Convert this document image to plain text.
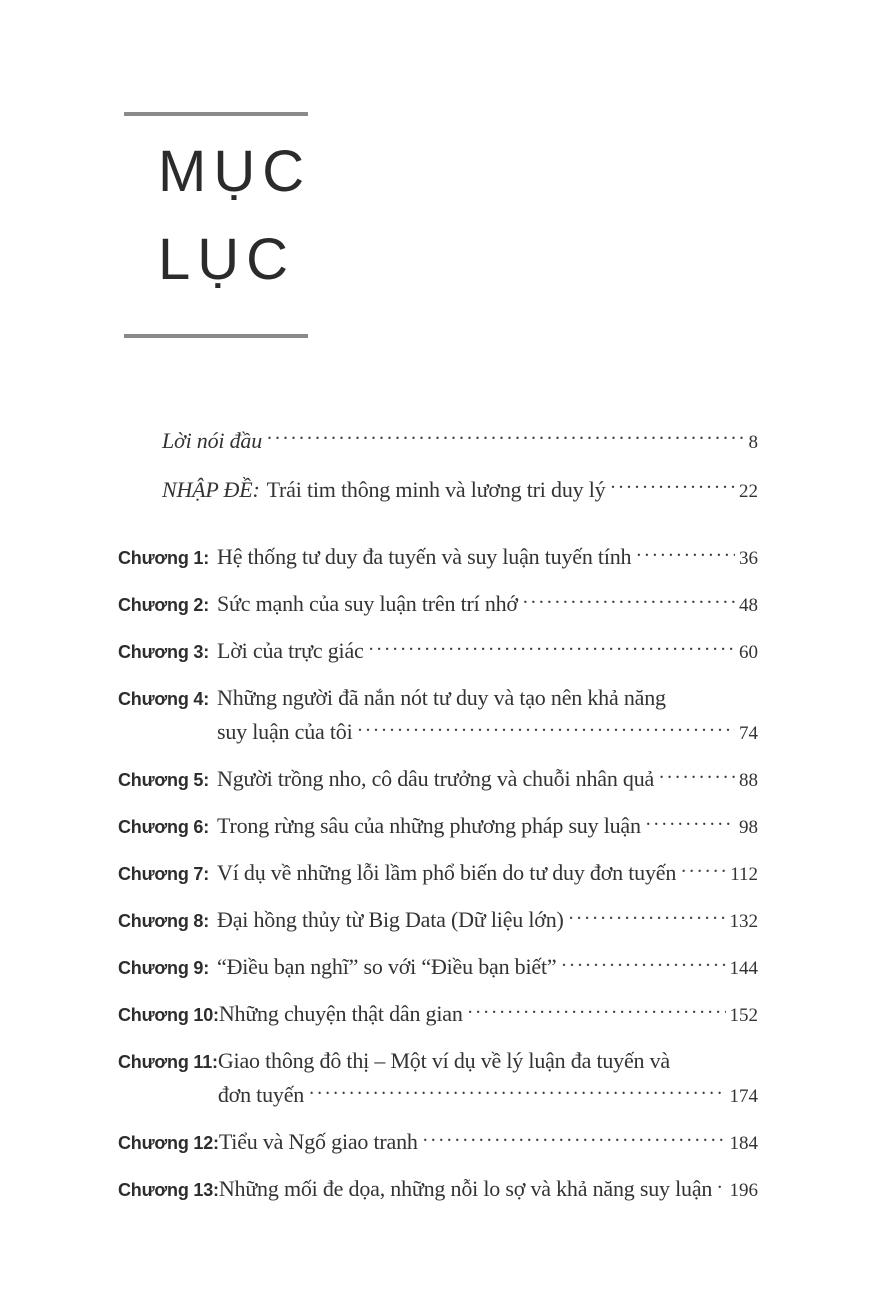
MỤC
LỤC
Lời nói đầu .....	8
NHẬP ĐỀ: Trái tim thông minh và lương tri duy lý .....	22
Chương 1: Hệ thống tư duy đa tuyến và suy luận tuyến tính .....	36
Chương 2: Sức mạnh của suy luận trên trí nhớ .....	48
Chương 3: Lời của trực giác .....	60
Chương 4: Những người đã nắn nót tư duy và tạo nên khả năng
suy luận của tôi .....	74
Chương 5: Người trồng nho, cô dâu trưởng và chuỗi nhân quả .....	88
Chương 6: Trong rừng sâu của những phương pháp suy luận .....	98
Chương 7: Ví dụ về những lỗi lầm phổ biến do tư duy đơn tuyến .....	112
Chương 8: Đại hồng thủy từ Big Data (Dữ liệu lớn) .....	132
Chương 9: “Điều bạn nghĩ” so với “Điều bạn biết” .....	144
Chương 10: Những chuyện thật dân gian .....	152
Chương 11: Giao thông đô thị – Một ví dụ về lý luận đa tuyến và
đơn tuyến .....	174
Chương 12: Tiểu và Ngố giao tranh .....	184
Chương 13: Những mối đe dọa, những nỗi lo sợ và khả năng suy luận ..... 196
